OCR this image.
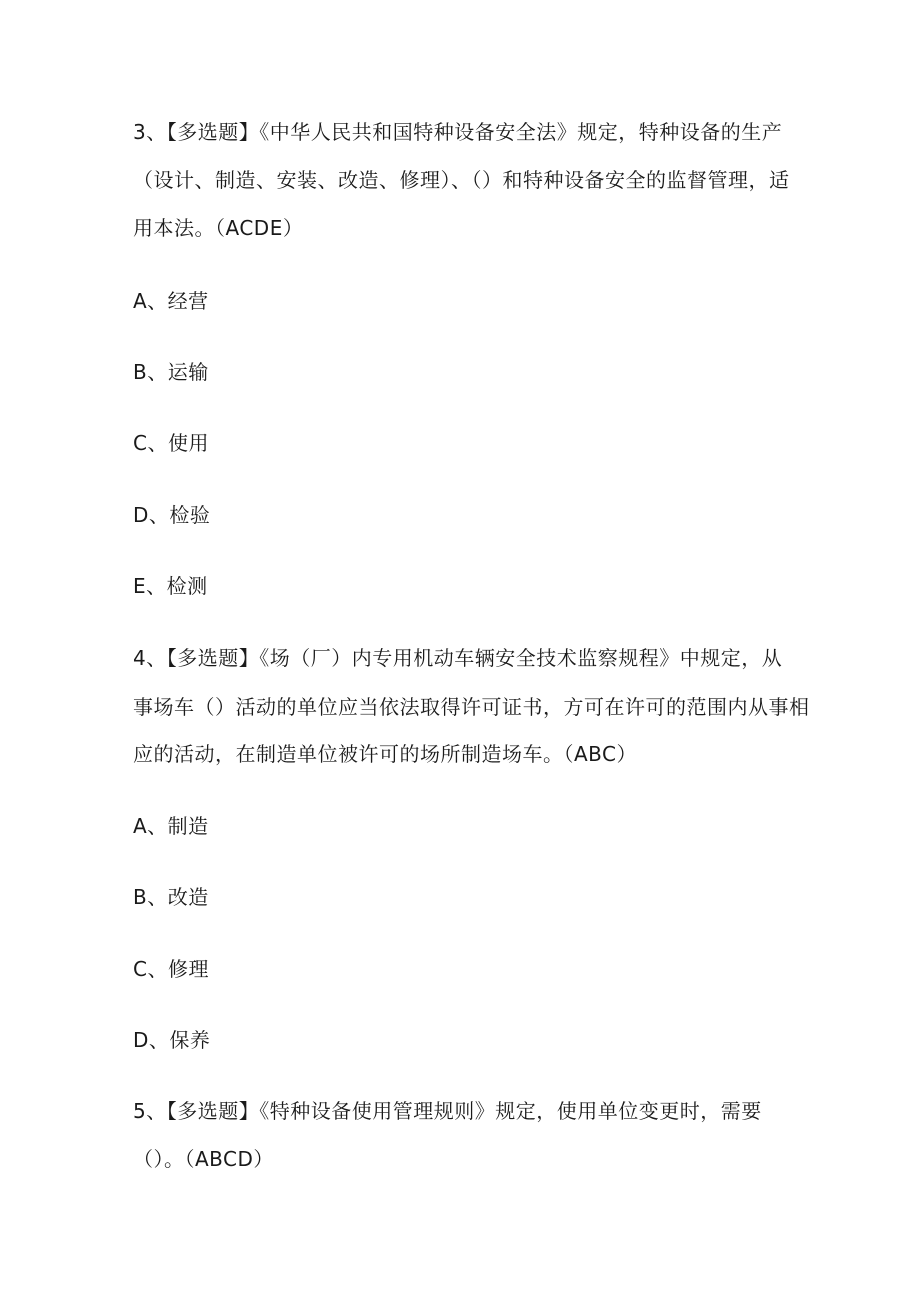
3、【多选题】《中华人民共和国特种设备安全法》规定，特种设备的生产
（设计、制造、安装、改造、修理）、（）和特种设备安全的监督管理，适
用本法。（ACDE）
A、经营
B、运输
C、使用
D、检验
E、检测
4、【多选题】《场（厂）内专用机动车辆安全技术监察规程》中规定，从
事场车（）活动的单位应当依法取得许可证书，方可在许可的范围内从事相
应的活动，在制造单位被许可的场所制造场车。（ABC）
A、制造
B、改造
C、修理
D、保养
5、【多选题】《特种设备使用管理规则》规定，使用单位变更时，需要
（）。（ABCD）
